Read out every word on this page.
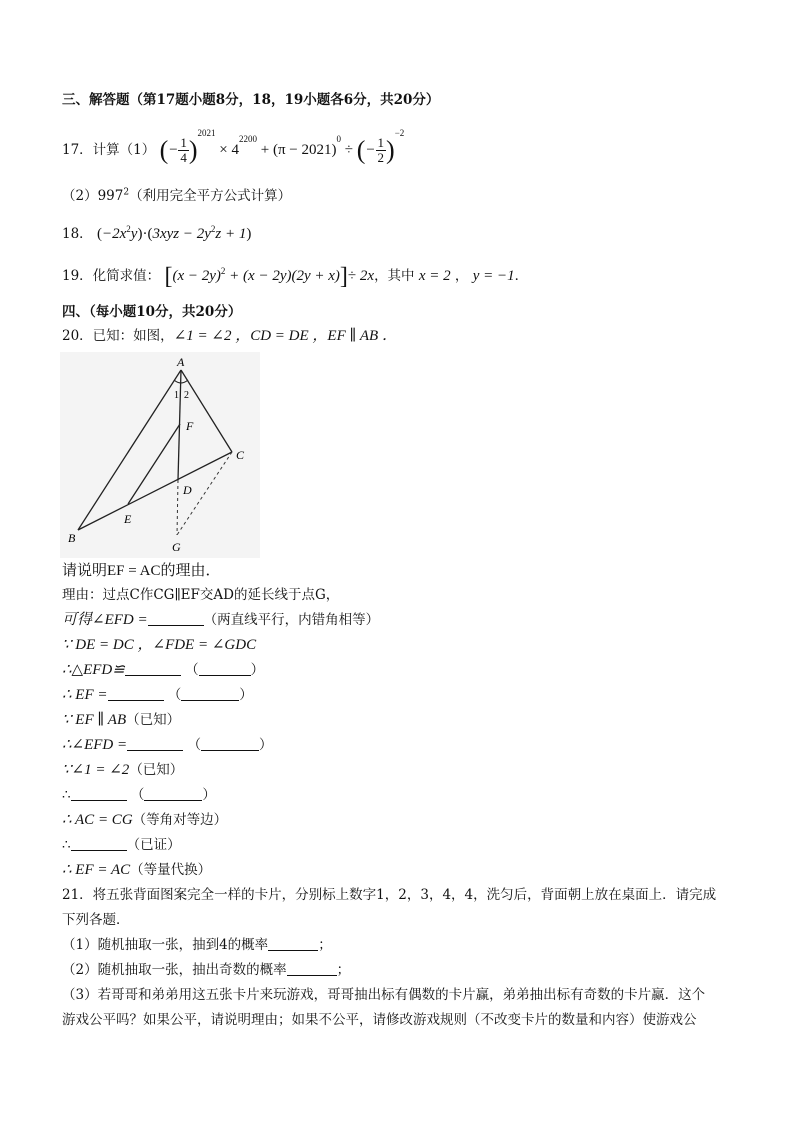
三、解答题（第17题小题8分，18，19小题各6分，共20分）
17．计算（1） (− $\frac{1}{4} )^{2021} \times 4^{2200} + (\pi - 2021)^0$ ÷ (− $\frac{1}{2} )^{-2}$
$(2)997^2$（利用完全平方公式计算）
18． $(-2x^2y)\cdot(3xyz - 2y^2z + 1)$
19．化简求值： $[(x - 2y)^2 + (x - 2y)(2y + x)]\div 2x$，其中 x = 2 ， y = −1．
四、（每小题10分，共20分）
20．已知：如图，∠1 = ∠2 ，CD = DE ，EF ∥ AB ．
A
B
C
D
E
F
G
1 2
请说明EF = AC的理由．
理由：过点C作CG∥EF交AD的延长线于点G，
可得∠EFD =	（两直线平行，内错角相等）
∵ DE = DC ，∠FDE = ∠GDC
∴△EFD≌	（	）
∴ EF =	（	）
∵ EF ∥ AB（已知）
∴∠EFD =	（	）
∵∠1 = ∠2（已知）
∴	（	）
∴ AC = CG（等角对等边）
∴	（已证）
∴ EF = AC（等量代换）
21．将五张背面图案完全一样的卡片，分别标上数字1，2，3，4，4，洗匀后，背面朝上放在桌面上．请完成
下列各题．
（1）随机抽取一张，抽到4的概率	；
（2）随机抽取一张，抽出奇数的概率	；
（3）若哥哥和弟弟用这五张卡片来玩游戏，哥哥抽出标有偶数的卡片赢，弟弟抽出标有奇数的卡片赢．这个
游戏公平吗？如果公平，请说明理由；如果不公平，请修改游戏规则（不改变卡片的数量和内容）使游戏公
